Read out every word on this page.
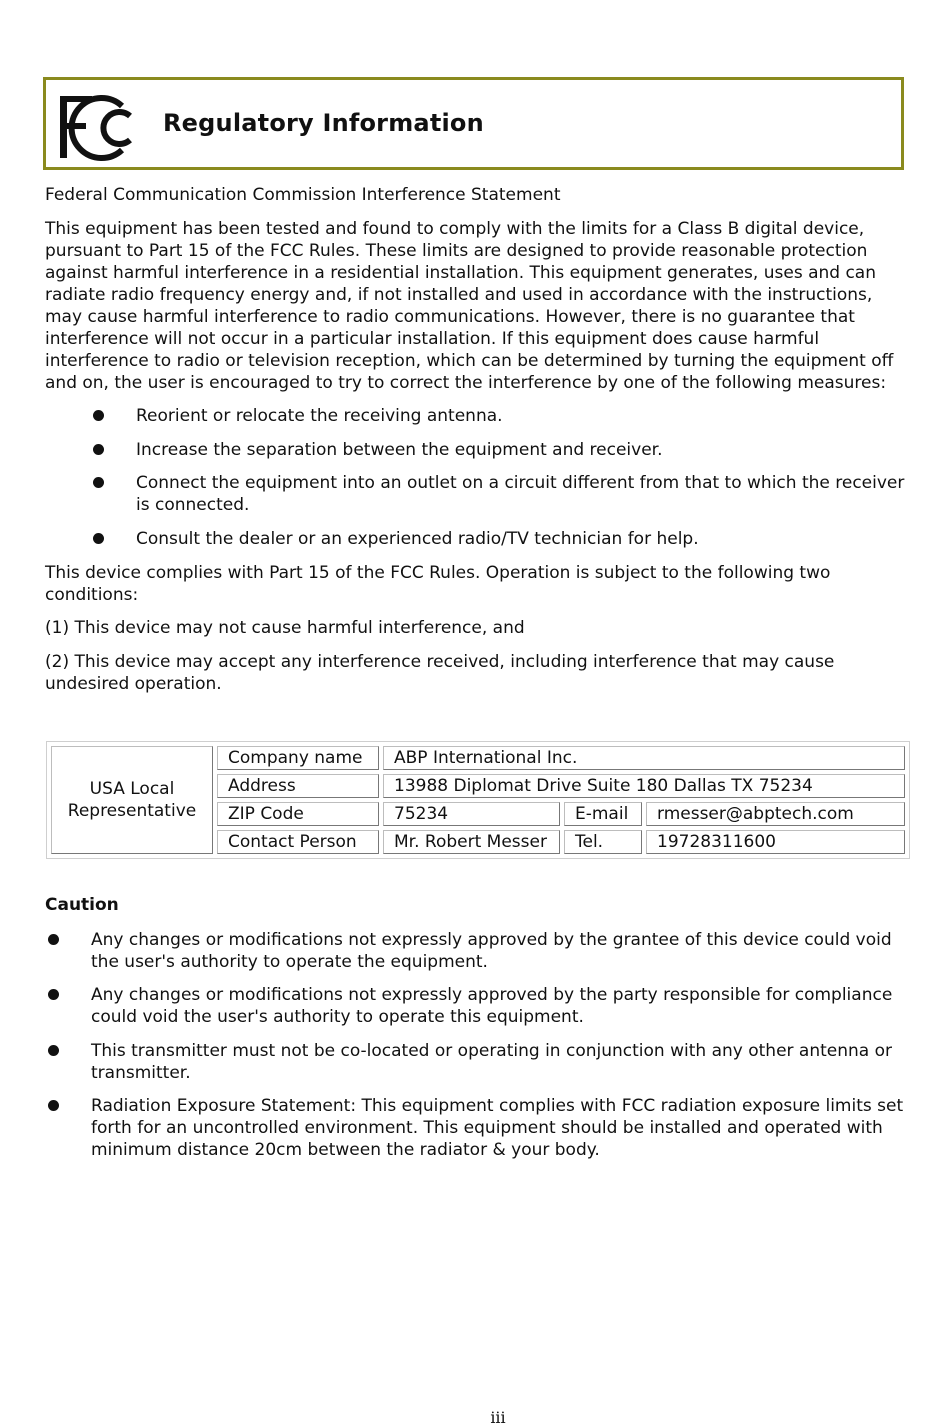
Regulatory Information
Federal Communication Commission Interference Statement
This equipment has been tested and found to comply with the limits for a Class B digital device, pursuant to Part 15 of the FCC Rules. These limits are designed to provide reasonable protection against harmful interference in a residential installation. This equipment generates, uses and can radiate radio frequency energy and, if not installed and used in accordance with the instructions, may cause harmful interference to radio communications. However, there is no guarantee that interference will not occur in a particular installation. If this equipment does cause harmful interference to radio or television reception, which can be determined by turning the equipment off and on, the user is encouraged to try to correct the interference by one of the following measures:
Reorient or relocate the receiving antenna.
Increase the separation between the equipment and receiver.
Connect the equipment into an outlet on a circuit different from that to which the receiver is connected.
Consult the dealer or an experienced radio/TV technician for help.
This device complies with Part 15 of the FCC Rules. Operation is subject to the following two conditions:
(1) This device may not cause harmful interference, and
(2) This device may accept any interference received, including interference that may cause undesired operation.
USA Local Representative	Company name	ABP International Inc.		
	Address	13988 Diplomat Drive Suite 180 Dallas TX 75234		
	ZIP Code	75234	E-mail	rmesser@abptech.com
	Contact Person	Mr. Robert Messer	Tel.	19728311600
Caution
Any changes or modifications not expressly approved by the grantee of this device could void the user's authority to operate the equipment.
Any changes or modifications not expressly approved by the party responsible for compliance could void the user's authority to operate this equipment.
This transmitter must not be co-located or operating in conjunction with any other antenna or transmitter.
Radiation Exposure Statement: This equipment complies with FCC radiation exposure limits set forth for an uncontrolled environment. This equipment should be installed and operated with minimum distance 20cm between the radiator & your body.
iii
